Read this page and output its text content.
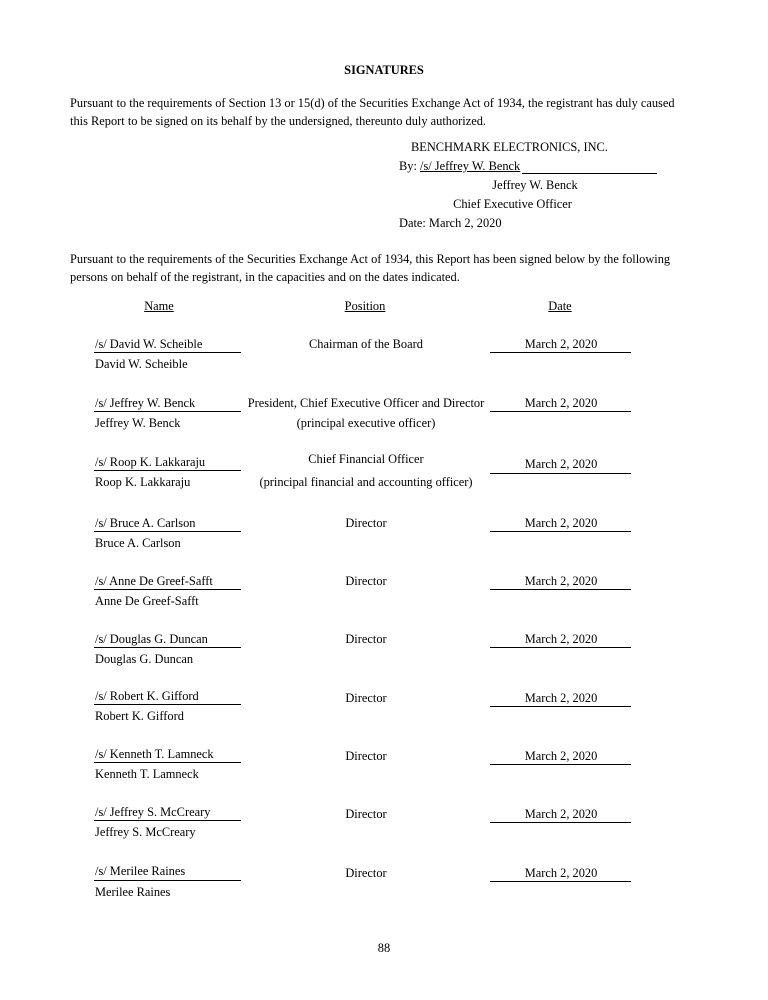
SIGNATURES
Pursuant to the requirements of Section 13 or 15(d) of the Securities Exchange Act of 1934, the registrant has duly caused this Report to be signed on its behalf by the undersigned, thereunto duly authorized.
BENCHMARK ELECTRONICS, INC.
By: /s/ Jeffrey W. Benck
Jeffrey W. Benck
Chief Executive Officer
Date: March 2, 2020
Pursuant to the requirements of the Securities Exchange Act of 1934, this Report has been signed below by the following persons on behalf of the registrant, in the capacities and on the dates indicated.
Name	Position	Date
/s/ David W. Scheible
David W. Scheible
Chairman of the Board	March 2, 2020
/s/ Jeffrey W. Benck
Jeffrey W. Benck
President, Chief Executive Officer and Director
(principal executive officer)
March 2, 2020
/s/ Roop K. Lakkaraju
Roop K. Lakkaraju
Chief Financial Officer
(principal financial and accounting officer)
March 2, 2020
/s/ Bruce A. Carlson
Bruce A. Carlson
Director	March 2, 2020
/s/ Anne De Greef-Safft
Anne De Greef-Safft
Director	March 2, 2020
/s/ Douglas G. Duncan
Douglas G. Duncan
Director	March 2, 2020
/s/ Robert K. Gifford
Robert K. Gifford
Director	March 2, 2020
/s/ Kenneth T. Lamneck
Kenneth T. Lamneck
Director	March 2, 2020
/s/ Jeffrey S. McCreary
Jeffrey S. McCreary
Director	March 2, 2020
/s/ Merilee Raines
Merilee Raines
Director	March 2, 2020
88
